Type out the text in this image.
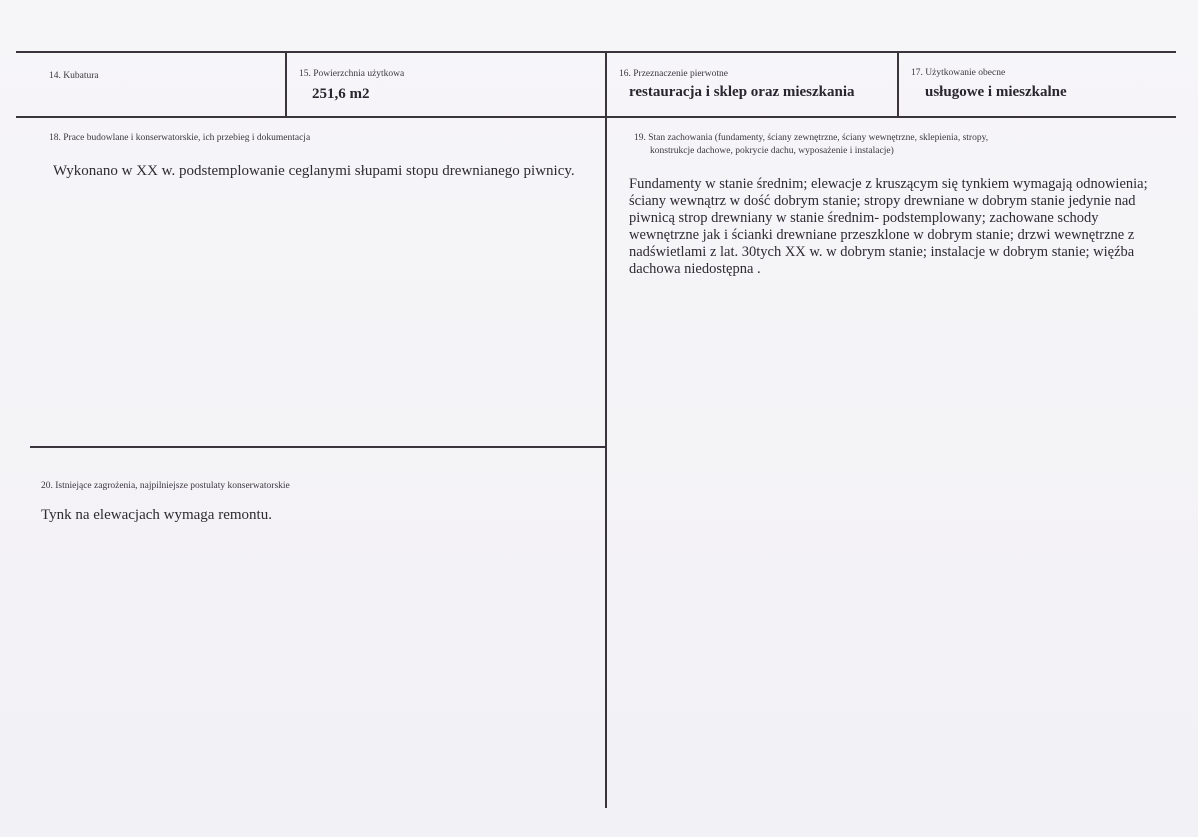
14. Kubatura	15. Powierzchnia użytkowa
251,6 m2
16. Przeznaczenie pierwotne
restauracja i sklep oraz mieszkania
17. Użytkowanie obecne
usługowe i mieszkalne
18. Prace budowlane i konserwatorskie, ich przebieg i dokumentacja
Wykonano w XX w. podstemplowanie ceglanymi słupami stopu drewnianego piwnicy.
19. Stan zachowania (fundamenty, ściany zewnętrzne, ściany wewnętrzne, sklepienia, stropy,
konstrukcje dachowe, pokrycie dachu, wyposażenie i instalacje)
Fundamenty w stanie średnim; elewacje z kruszącym się tynkiem wymagają odnowienia; ściany wewnątrz w dość dobrym stanie; stropy drewniane w dobrym stanie jedynie nad piwnicą strop drewniany w stanie średnim- podstemplowany; zachowane schody wewnętrzne jak i ścianki drewniane przeszklone w dobrym stanie; drzwi wewnętrzne z nadświetlami z lat. 30tych XX w. w dobrym stanie; instalacje w dobrym stanie; więźba dachowa niedostępna .
20. Istniejące zagrożenia, najpilniejsze postulaty konserwatorskie
Tynk na elewacjach wymaga remontu.
